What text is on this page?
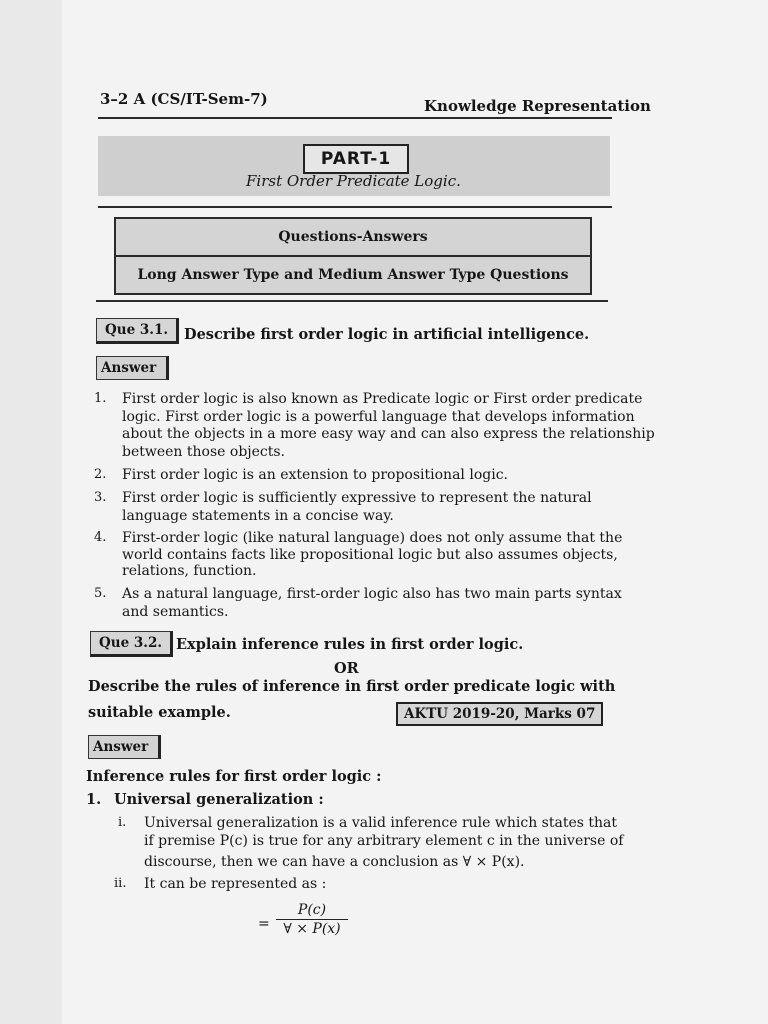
3–2 A (CS/IT-Sem-7)	Knowledge Representation
PART-1
First Order Predicate Logic.
Questions-Answers
Long Answer Type and Medium Answer Type Questions
Que 3.1.	Describe first order logic in artificial intelligence.
Answer
1. First order logic is also known as Predicate logic or First order predicate
logic. First order logic is a powerful language that develops information
about the objects in a more easy way and can also express the relationship
between those objects.
2. First order logic is an extension to propositional logic.
3. First order logic is sufficiently expressive to represent the natural
language statements in a concise way.
4. First-order logic (like natural language) does not only assume that the
world contains facts like propositional logic but also assumes objects,
relations, function.
5. As a natural language, first-order logic also has two main parts syntax
and semantics.
Que 3.2. Explain inference rules in first order logic.
OR
Describe the rules of inference in first order predicate logic with
suitable example.	AKTU 2019-20, Marks 07
Answer
Inference rules for first order logic :
1. Universal generalization :
i. Universal generalization is a valid inference rule which states that
if premise P(c) is true for any arbitrary element c in the universe of
discourse, then we can have a conclusion as ∀ × P(x).
ii. It can be represented as :
= $\frac{P(c)}{\forall \times P(x)}$
